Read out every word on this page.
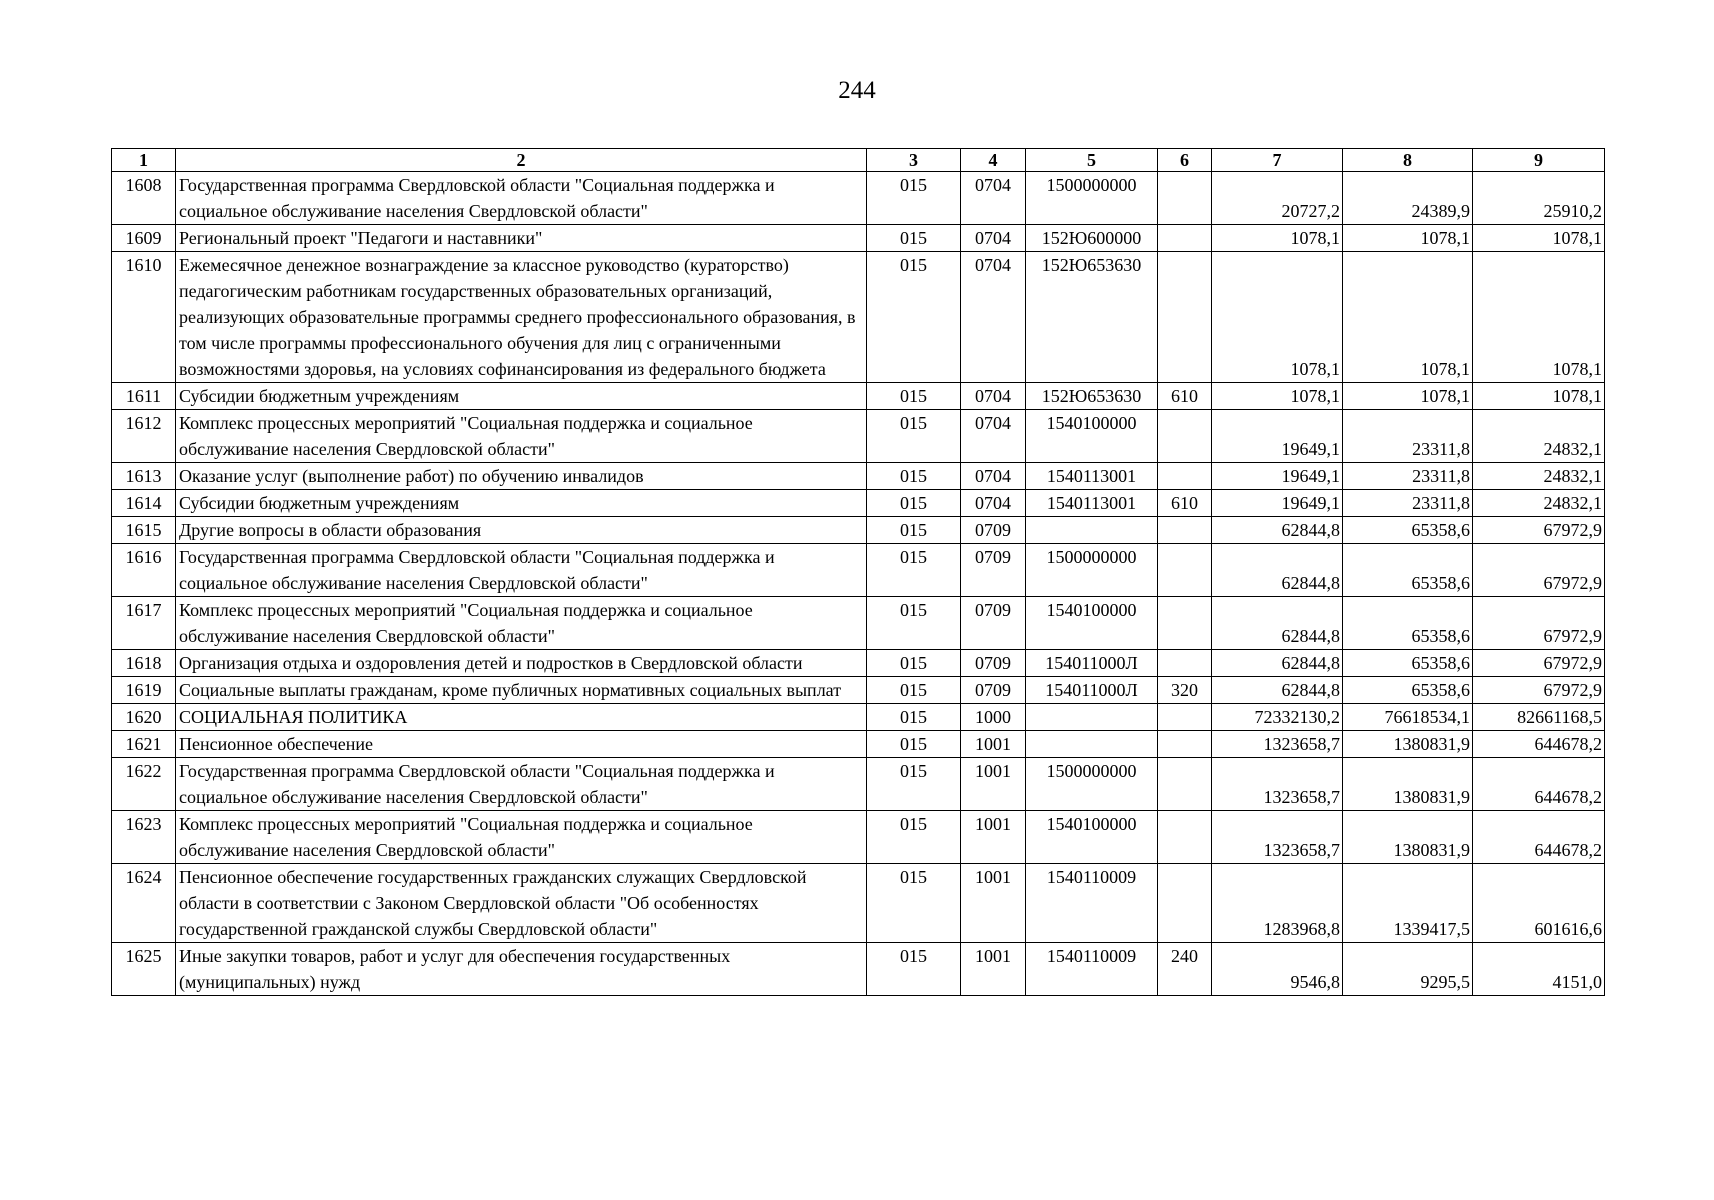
244
1	2	3	4	5	6	7	8	9
1608	Государственная программа Свердловской области "Социальная поддержка и социальное обслуживание населения Свердловской области"	015	0704	1500000000		20727,2	24389,9	25910,2
1609	Региональный проект "Педагоги и наставники"	015	0704	152Ю600000		1078,1	1078,1	1078,1
1610	Ежемесячное денежное вознаграждение за классное руководство (кураторство) педагогическим работникам государственных образовательных организаций, реализующих образовательные программы среднего профессионального образования, в том числе программы профессионального обучения для лиц с ограниченными возможностями здоровья, на условиях софинансирования из федерального бюджета	015	0704	152Ю653630		1078,1	1078,1	1078,1
1611	Субсидии бюджетным учреждениям	015	0704	152Ю653630	610	1078,1	1078,1	1078,1
1612	Комплекс процессных мероприятий "Социальная поддержка и социальное обслуживание населения Свердловской области"	015	0704	1540100000		19649,1	23311,8	24832,1
1613	Оказание услуг (выполнение работ) по обучению инвалидов	015	0704	1540113001		19649,1	23311,8	24832,1
1614	Субсидии бюджетным учреждениям	015	0704	1540113001	610	19649,1	23311,8	24832,1
1615	Другие вопросы в области образования	015	0709			62844,8	65358,6	67972,9
1616	Государственная программа Свердловской области "Социальная поддержка и социальное обслуживание населения Свердловской области"	015	0709	1500000000		62844,8	65358,6	67972,9
1617	Комплекс процессных мероприятий "Социальная поддержка и социальное обслуживание населения Свердловской области"	015	0709	1540100000		62844,8	65358,6	67972,9
1618	Организация отдыха и оздоровления детей и подростков в Свердловской области	015	0709	154011000Л		62844,8	65358,6	67972,9
1619	Социальные выплаты гражданам, кроме публичных нормативных социальных выплат	015	0709	154011000Л	320	62844,8	65358,6	67972,9
1620	СОЦИАЛЬНАЯ ПОЛИТИКА	015	1000			72332130,2	76618534,1	82661168,5
1621	Пенсионное обеспечение	015	1001			1323658,7	1380831,9	644678,2
1622	Государственная программа Свердловской области "Социальная поддержка и социальное обслуживание населения Свердловской области"	015	1001	1500000000		1323658,7	1380831,9	644678,2
1623	Комплекс процессных мероприятий "Социальная поддержка и социальное обслуживание населения Свердловской области"	015	1001	1540100000		1323658,7	1380831,9	644678,2
1624	Пенсионное обеспечение государственных гражданских служащих Свердловской области в соответствии с Законом Свердловской области "Об особенностях государственной гражданской службы Свердловской области"	015	1001	1540110009		1283968,8	1339417,5	601616,6
1625	Иные закупки товаров, работ и услуг для обеспечения государственных (муниципальных) нужд	015	1001	1540110009	240	9546,8	9295,5	4151,0
